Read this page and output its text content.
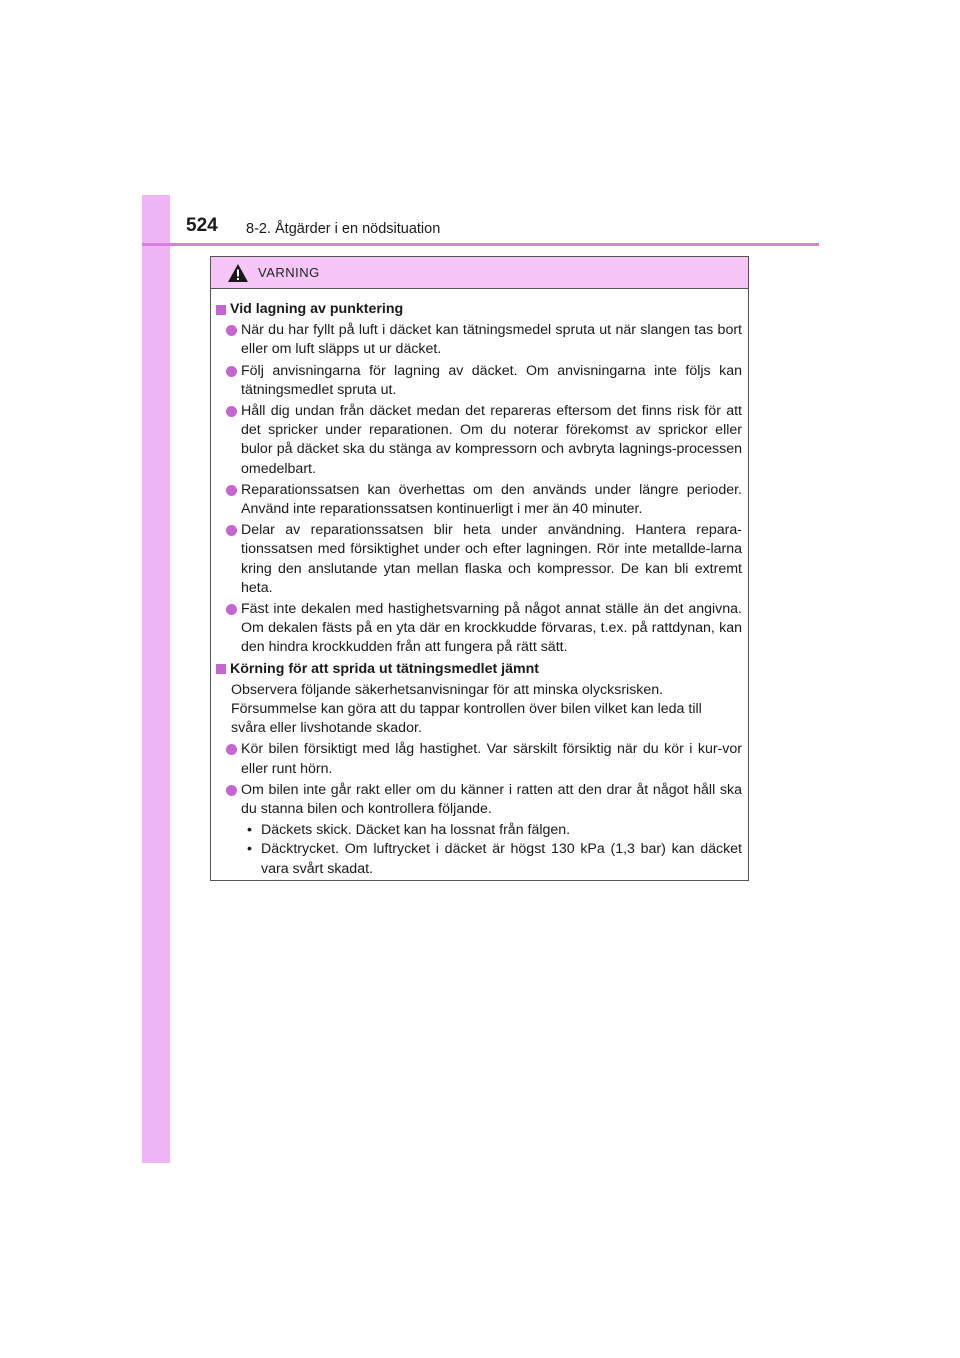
524 8-2. Åtgärder i en nödsituation
VARNING
Vid lagning av punktering
När du har fyllt på luft i däcket kan tätningsmedel spruta ut när slangen tas bort eller om luft släpps ut ur däcket.
Följ anvisningarna för lagning av däcket. Om anvisningarna inte följs kan tätningsmedlet spruta ut.
Håll dig undan från däcket medan det repareras eftersom det finns risk för att det spricker under reparationen. Om du noterar förekomst av sprickor eller bulor på däcket ska du stänga av kompressorn och avbryta lagnings-processen omedelbart.
Reparationssatsen kan överhettas om den används under längre perioder. Använd inte reparationssatsen kontinuerligt i mer än 40 minuter.
Delar av reparationssatsen blir heta under användning. Hantera repara-tionssatsen med försiktighet under och efter lagningen. Rör inte metallde-larna kring den anslutande ytan mellan flaska och kompressor. De kan bli extremt heta.
Fäst inte dekalen med hastighetsvarning på något annat ställe än det angivna. Om dekalen fästs på en yta där en krockkudde förvaras, t.ex. på rattdynan, kan den hindra krockkudden från att fungera på rätt sätt.
Körning för att sprida ut tätningsmedlet jämnt
Observera följande säkerhetsanvisningar för att minska olycksrisken.
Försummelse kan göra att du tappar kontrollen över bilen vilket kan leda till
svåra eller livshotande skador.
Kör bilen försiktigt med låg hastighet. Var särskilt försiktig när du kör i kur-vor eller runt hörn.
Om bilen inte går rakt eller om du känner i ratten att den drar åt något håll ska du stanna bilen och kontrollera följande.
• Däckets skick. Däcket kan ha lossnat från fälgen.
• Däcktrycket. Om luftrycket i däcket är högst 130 kPa (1,3 bar) kan däcket vara svårt skadat.
